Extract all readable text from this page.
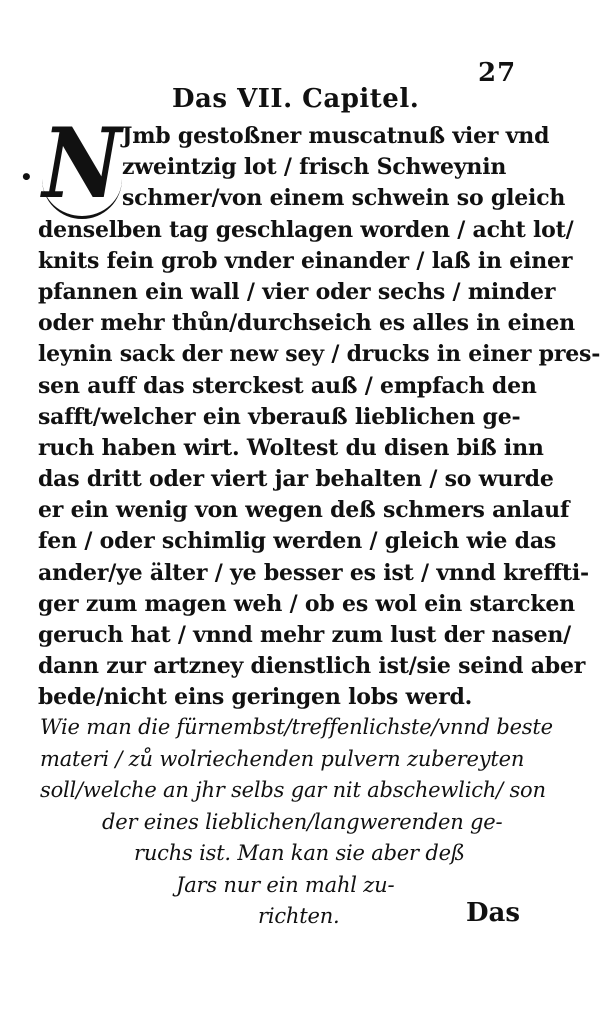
27
Das VII. Capitel.
• N Jmb gestoßner muscatnuß vier vnd
zweintzig lot / frisch Schweynin
schmer/von einem schwein so gleich
denselben tag geschlagen worden / acht lot/
knits fein grob vnder einander / laß in einer
pfannen ein wall / vier oder sechs / minder
oder mehr thůn/durchseich es alles in einen
leynin sack der new sey / drucks in einer pres-
sen auff das sterckest auß / empfach den
safft/welcher ein vberauß lieblichen ge-
ruch haben wirt. Woltest du disen biß inn
das dritt oder viert jar behalten / so wurde
er ein wenig von wegen deß schmers anlauf
fen / oder schimlig werden / gleich wie das
ander/ye älter / ye besser es ist / vnnd kreffti-
ger zum magen weh / ob es wol ein starcken
geruch hat / vnnd mehr zum lust der nasen/
dann zur artzney dienstlich ist/sie seind aber
bede/nicht eins geringen lobs werd.
Wie man die fürnembst/treffenlichste/vnnd beste
materi / zů wolriechenden pulvern zubereyten
soll/welche an jhr selbs gar nit abschewlich/ son
der eines lieblichen/langwerenden ge-
ruchs ist. Man kan sie aber deß
Jars nur ein mahl zu-
richten.	Das
